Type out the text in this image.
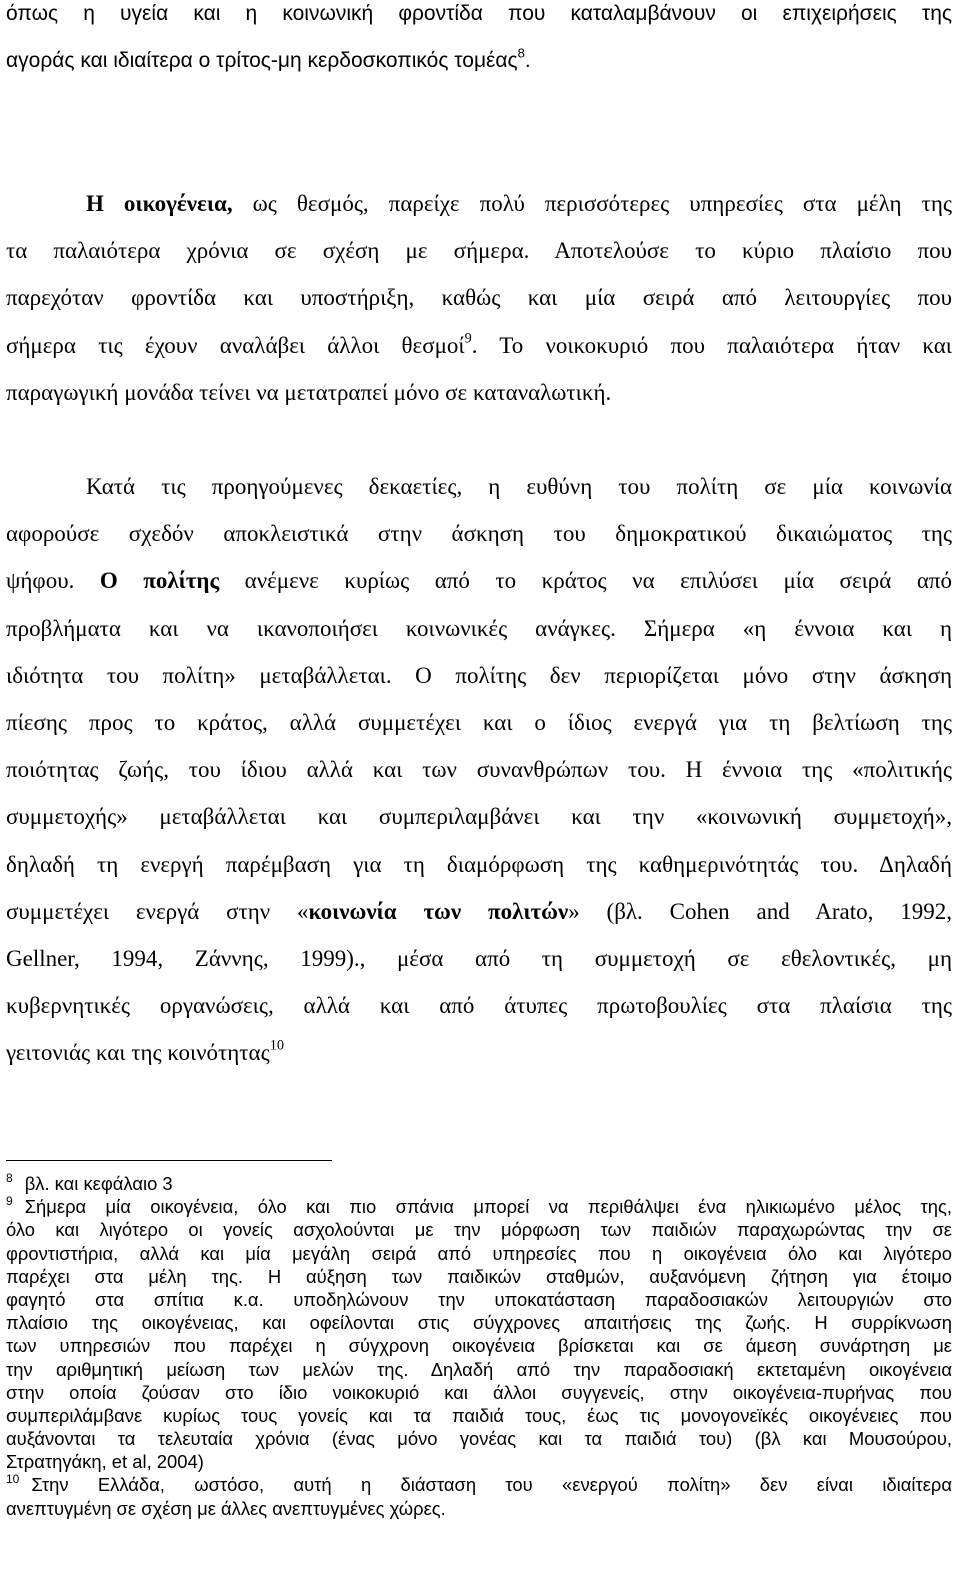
όπως η υγεία και η κοινωνική φροντίδα που καταλαμβάνουν οι επιχειρήσεις της
αγοράς και ιδιαίτερα ο τρίτος-μη κερδοσκοπικός τομέας$^8$.
Η οικογένεια, ως θεσμός, παρείχε πολύ περισσότερες υπηρεσίες στα μέλη της
τα παλαιότερα χρόνια σε σχέση με σήμερα. Αποτελούσε το κύριο πλαίσιο που
παρεχόταν φροντίδα και υποστήριξη, καθώς και μία σειρά από λειτουργίες που
σήμερα τις έχουν αναλάβει άλλοι θεσμοί$^9$. Το νοικοκυριό που παλαιότερα ήταν και
παραγωγική μονάδα τείνει να μετατραπεί μόνο σε καταναλωτική.
Κατά τις προηγούμενες δεκαετίες, η ευθύνη του πολίτη σε μία κοινωνία
αφορούσε σχεδόν αποκλειστικά στην άσκηση του δημοκρατικού δικαιώματος της
ψήφου. Ο πολίτης ανέμενε κυρίως από το κράτος να επιλύσει μία σειρά από
προβλήματα και να ικανοποιήσει κοινωνικές ανάγκες. Σήμερα «η έννοια και η
ιδιότητα του πολίτη» μεταβάλλεται. Ο πολίτης δεν περιορίζεται μόνο στην άσκηση
πίεσης προς το κράτος, αλλά συμμετέχει και ο ίδιος ενεργά για τη βελτίωση της
ποιότητας ζωής, του ίδιου αλλά και των συνανθρώπων του. Η έννοια της «πολιτικής
συμμετοχής» μεταβάλλεται και συμπεριλαμβάνει και την «κοινωνική συμμετοχή»,
δηλαδή τη ενεργή παρέμβαση για τη διαμόρφωση της καθημερινότητάς του. Δηλαδή
συμμετέχει ενεργά στην «κοινωνία των πολιτών» (βλ. Cohen and Arato, 1992,
Gellner, 1994, Ζάννης, 1999)., μέσα από τη συμμετοχή σε εθελοντικές, μη
κυβερνητικές οργανώσεις, αλλά και από άτυπες πρωτοβουλίες στα πλαίσια της
γειτονιάς και της κοινότητας$^{10}$
$^8$ βλ. και κεφάλαιο 3
$^9$ Σήμερα μία οικογένεια, όλο και πιο σπάνια μπορεί να περιθάλψει ένα ηλικιωμένο μέλος της,
όλο και λιγότερο οι γονείς ασχολούνται με την μόρφωση των παιδιών παραχωρώντας την σε
φροντιστήρια, αλλά και μία μεγάλη σειρά από υπηρεσίες που η οικογένεια όλο και λιγότερο
παρέχει στα μέλη της. Η αύξηση των παιδικών σταθμών, αυξανόμενη ζήτηση για έτοιμο
φαγητό στα σπίτια κ.α. υποδηλώνουν την υποκατάσταση παραδοσιακών λειτουργιών στο
πλαίσιο της οικογένειας, και οφείλονται στις σύγχρονες απαιτήσεις της ζωής. Η συρρίκνωση
των υπηρεσιών που παρέχει η σύγχρονη οικογένεια βρίσκεται και σε άμεση συνάρτηση με
την αριθμητική μείωση των μελών της. Δηλαδή από την παραδοσιακή εκτεταμένη οικογένεια
στην οποία ζούσαν στο ίδιο νοικοκυριό και άλλοι συγγενείς, στην οικογένεια-πυρήνας που
συμπεριλάμβανε κυρίως τους γονείς και τα παιδιά τους, έως τις μονογονεϊκές οικογένειες που
αυξάνονται τα τελευταία χρόνια (ένας μόνο γονέας και τα παιδιά του) (βλ και Μουσούρου,
Στρατηγάκη, et al, 2004)
$^{10}$ Στην Ελλάδα, ωστόσο, αυτή η διάσταση του «ενεργού πολίτη» δεν είναι ιδιαίτερα
ανεπτυγμένη σε σχέση με άλλες ανεπτυγμένες χώρες.
